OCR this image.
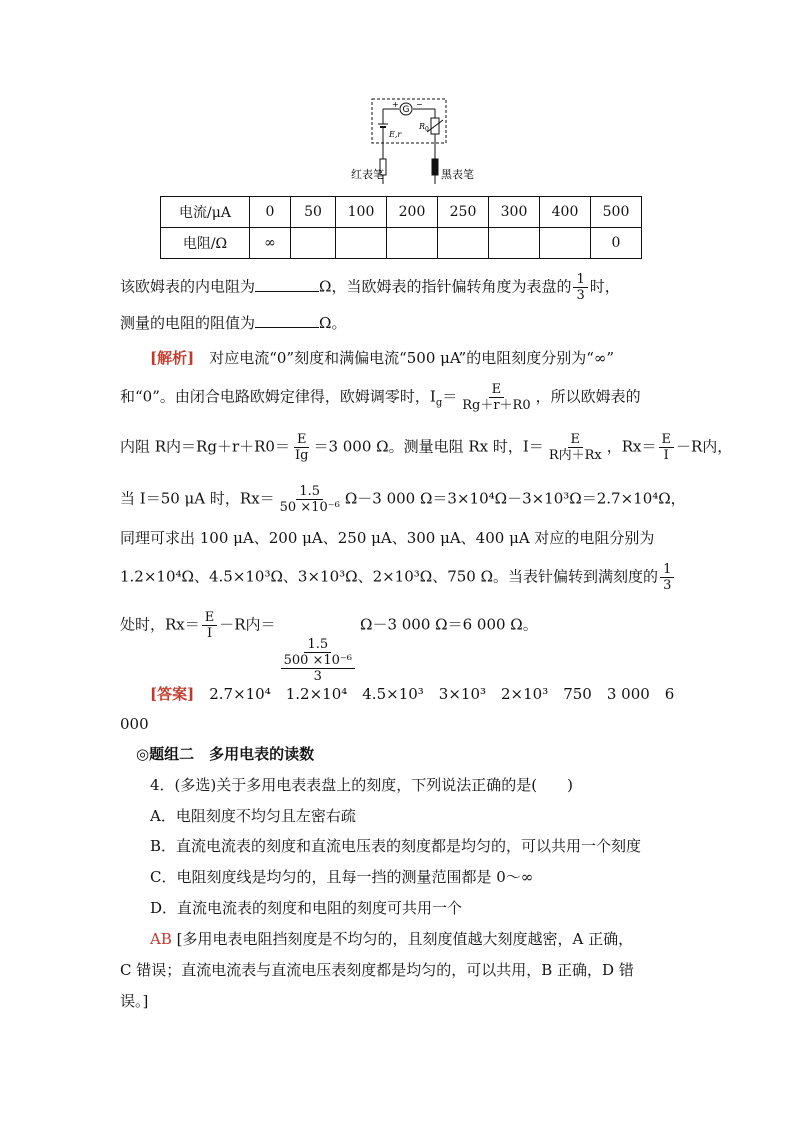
G
+ −
E,r
R 0
红表笔	黑表笔
电流/μA	0	50	100	200	250	300	400	500
电阻/Ω	∞							0
该欧姆表的内电阻为	Ω，当欧姆表的指针偏转角度为表盘的 $\frac{1}{3}$ 时，
测量的电阻的阻值为	Ω。
[解析]　 对应电流“0”刻度和满偏电流“500 μA”的电阻刻度分别为“∞”
和“0”。由闭合电路欧姆定律得，欧姆调零时，$I_g= \frac{E}{Rg+r+R0}$ ，所以欧姆表的
内阻 R内$=Rg+r+R0= \frac{E}{Ig} =3$ 000 Ω。测量电阻 Rx 时，$I= \frac{E}{\text{R内＋Rx}}$ ，$Rx= \frac{E}{I} -R$内，
当 I＝50 μA 时，$Rx= \frac{1.5}{\text{50 ×10⁻⁶}} \Omega-3$ 000 Ω＝3×10⁴Ω－3×10³Ω＝2.7×10⁴Ω，
同理可求出 100 μA、200 μA、250 μA、300 μA、400 μA 对应的电阻分别为
1.2×10⁴Ω、4.5×10³Ω、3×10³Ω、2×10³Ω、750 Ω。当表针偏转到满刻度的 $\frac{1}{3}$
处时，$Rx= \frac{E}{I} -R$内＝
1.5
500 ×10⁻⁶
3
Ω－3 000 Ω＝6 000 Ω。
[答案]　 2.7×10⁴　1.2×10⁴　4.5×10³　3×10³　2×10³　750　3 000　6
000
◎题组二　多用电表的读数
4．(多选)关于多用电表表盘上的刻度，下列说法正确的是(　　)
A．电阻刻度不均匀且左密右疏
B．直流电流表的刻度和直流电压表的刻度都是均匀的，可以共用一个刻度
C．电阻刻度线是均匀的，且每一挡的测量范围都是 0～∞
D．直流电流表的刻度和电阻的刻度可共用一个
AB [多用电表电阻挡刻度是不均匀的，且刻度值越大刻度越密，A 正确，
C 错误；直流电流表与直流电压表刻度都是均匀的，可以共用，B 正确，D 错
误。]
